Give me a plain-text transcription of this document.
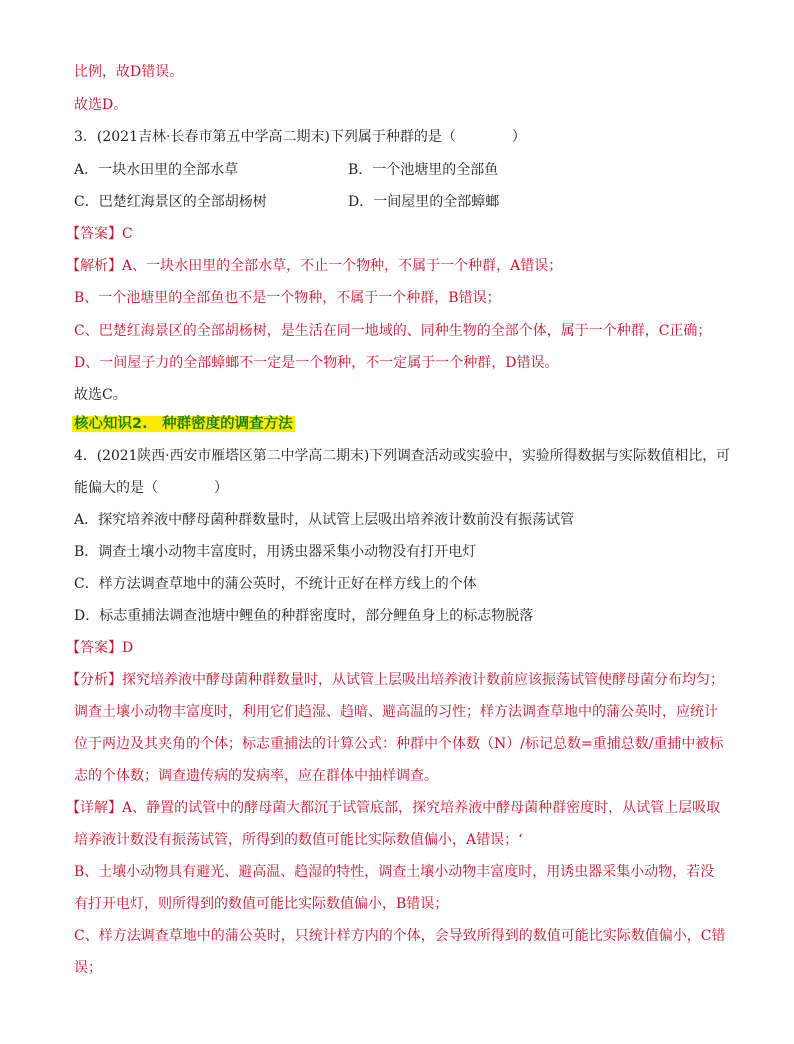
比例，故D错误。
故选D。
3．(2021吉林·长春市第五中学高二期末)下列属于种群的是（　　　　）
A．一块水田里的全部水草	B．一个池塘里的全部鱼
C．巴楚红海景区的全部胡杨树	D．一间屋里的全部蟑螂
【答案】C
【解析】A、一块水田里的全部水草，不止一个物种，不属于一个种群，A错误；
B、一个池塘里的全部鱼也不是一个物种，不属于一个种群，B错误；
C、巴楚红海景区的全部胡杨树，是生活在同一地域的、同种生物的全部个体，属于一个种群，C正确；
D、一间屋子力的全部蟑螂不一定是一个物种，不一定属于一个种群，D错误。
故选C。
核心知识2.　种群密度的调查方法
4．(2021陕西·西安市雁塔区第二中学高二期末)下列调查活动或实验中，实验所得数据与实际数值相比，可
能偏大的是（　　　　）
A．探究培养液中酵母菌种群数量时，从试管上层吸出培养液计数前没有振荡试管
B．调查土壤小动物丰富度时，用诱虫器采集小动物没有打开电灯
C．样方法调查草地中的蒲公英时，不统计正好在样方线上的个体
D．标志重捕法调查池塘中鲤鱼的种群密度时，部分鲤鱼身上的标志物脱落
【答案】D
【分析】探究培养液中酵母菌种群数量时，从试管上层吸出培养液计数前应该振荡试管使酵母菌分布均匀；
调查土壤小动物丰富度时，利用它们趋湿、趋暗、避高温的习性；样方法调查草地中的蒲公英时，应统计
位于两边及其夹角的个体；标志重捕法的计算公式：种群中个体数（N）/标记总数=重捕总数/重捕中被标
志的个体数；调查遗传病的发病率，应在群体中抽样调查。
【详解】A、静置的试管中的酵母菌大都沉于试管底部，探究培养液中酵母菌种群密度时，从试管上层吸取
培养液计数没有振荡试管，所得到的数值可能比实际数值偏小，A错误；‘
B、土壤小动物具有避光、避高温、趋湿的特性，调查土壤小动物丰富度时，用诱虫器采集小动物，若没
有打开电灯，则所得到的数值可能比实际数值偏小，B错误；
C、样方法调查草地中的蒲公英时，只统计样方内的个体，会导致所得到的数值可能比实际数值偏小，C错
误；
